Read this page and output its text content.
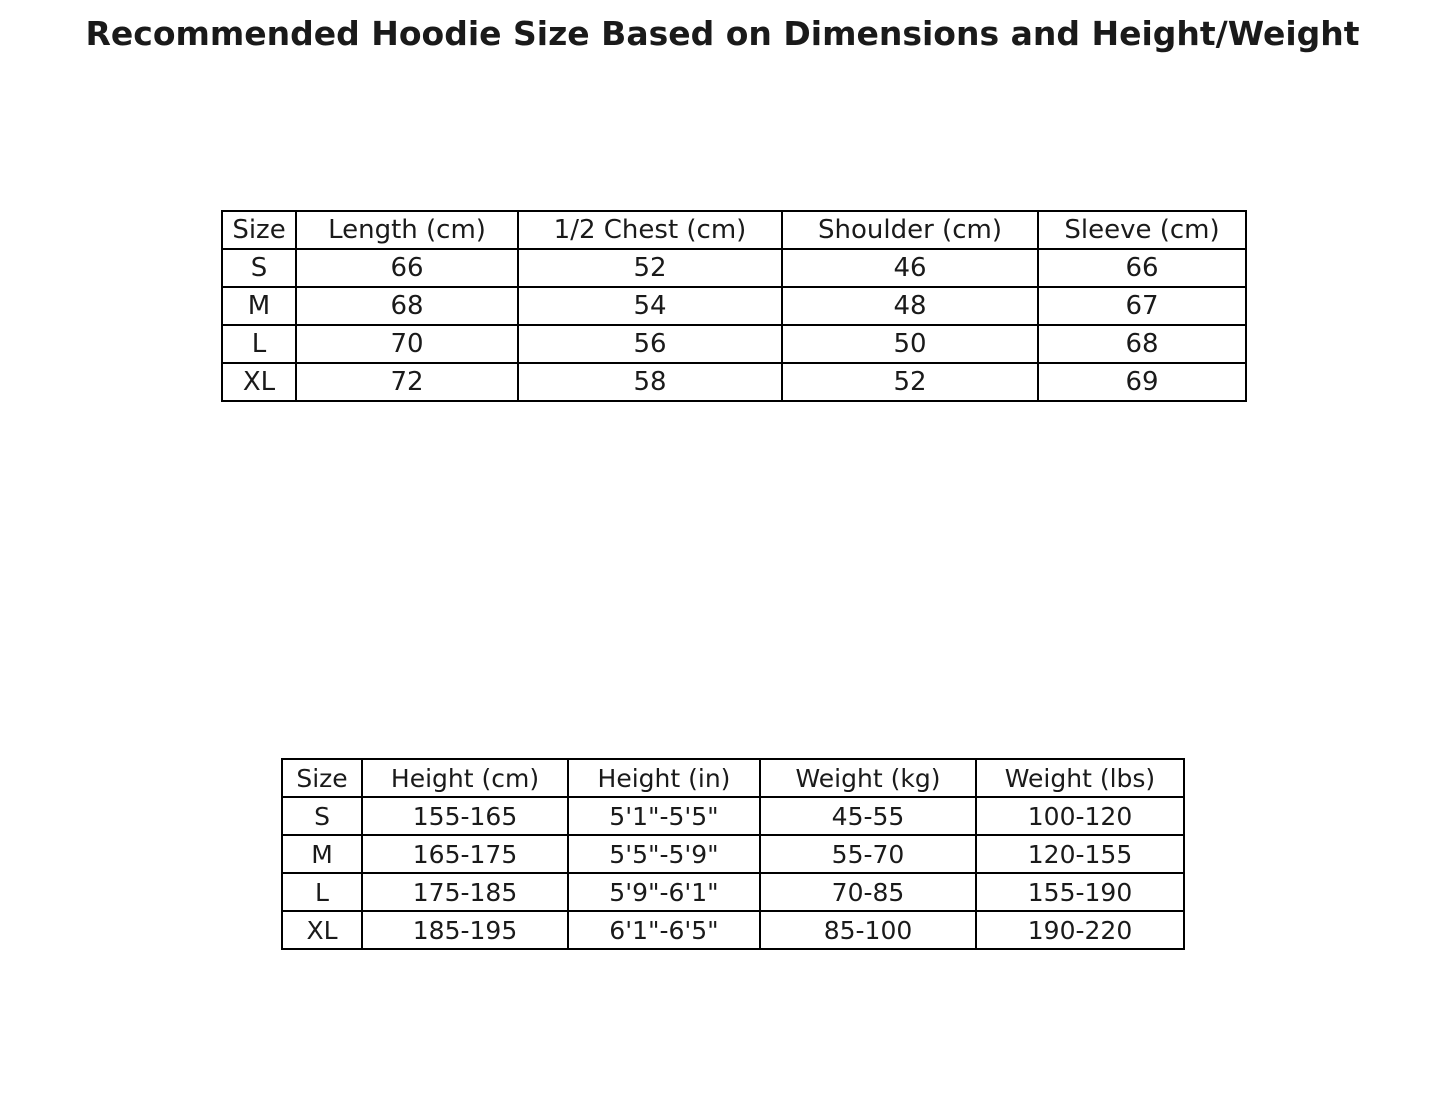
Recommended Hoodie Size Based on Dimensions and Height/Weight
Size	Length (cm)	1/2 Chest (cm)	Shoulder (cm)	Sleeve (cm)
S	66	52	46	66
M	68	54	48	67
L	70	56	50	68
XL	72	58	52	69
Size	Height (cm)	Height (in)	Weight (kg)	Weight (lbs)
S	155-165	5'1"-5'5"	45-55	100-120
M	165-175	5'5"-5'9"	55-70	120-155
L	175-185	5'9"-6'1"	70-85	155-190
XL	185-195	6'1"-6'5"	85-100	190-220
